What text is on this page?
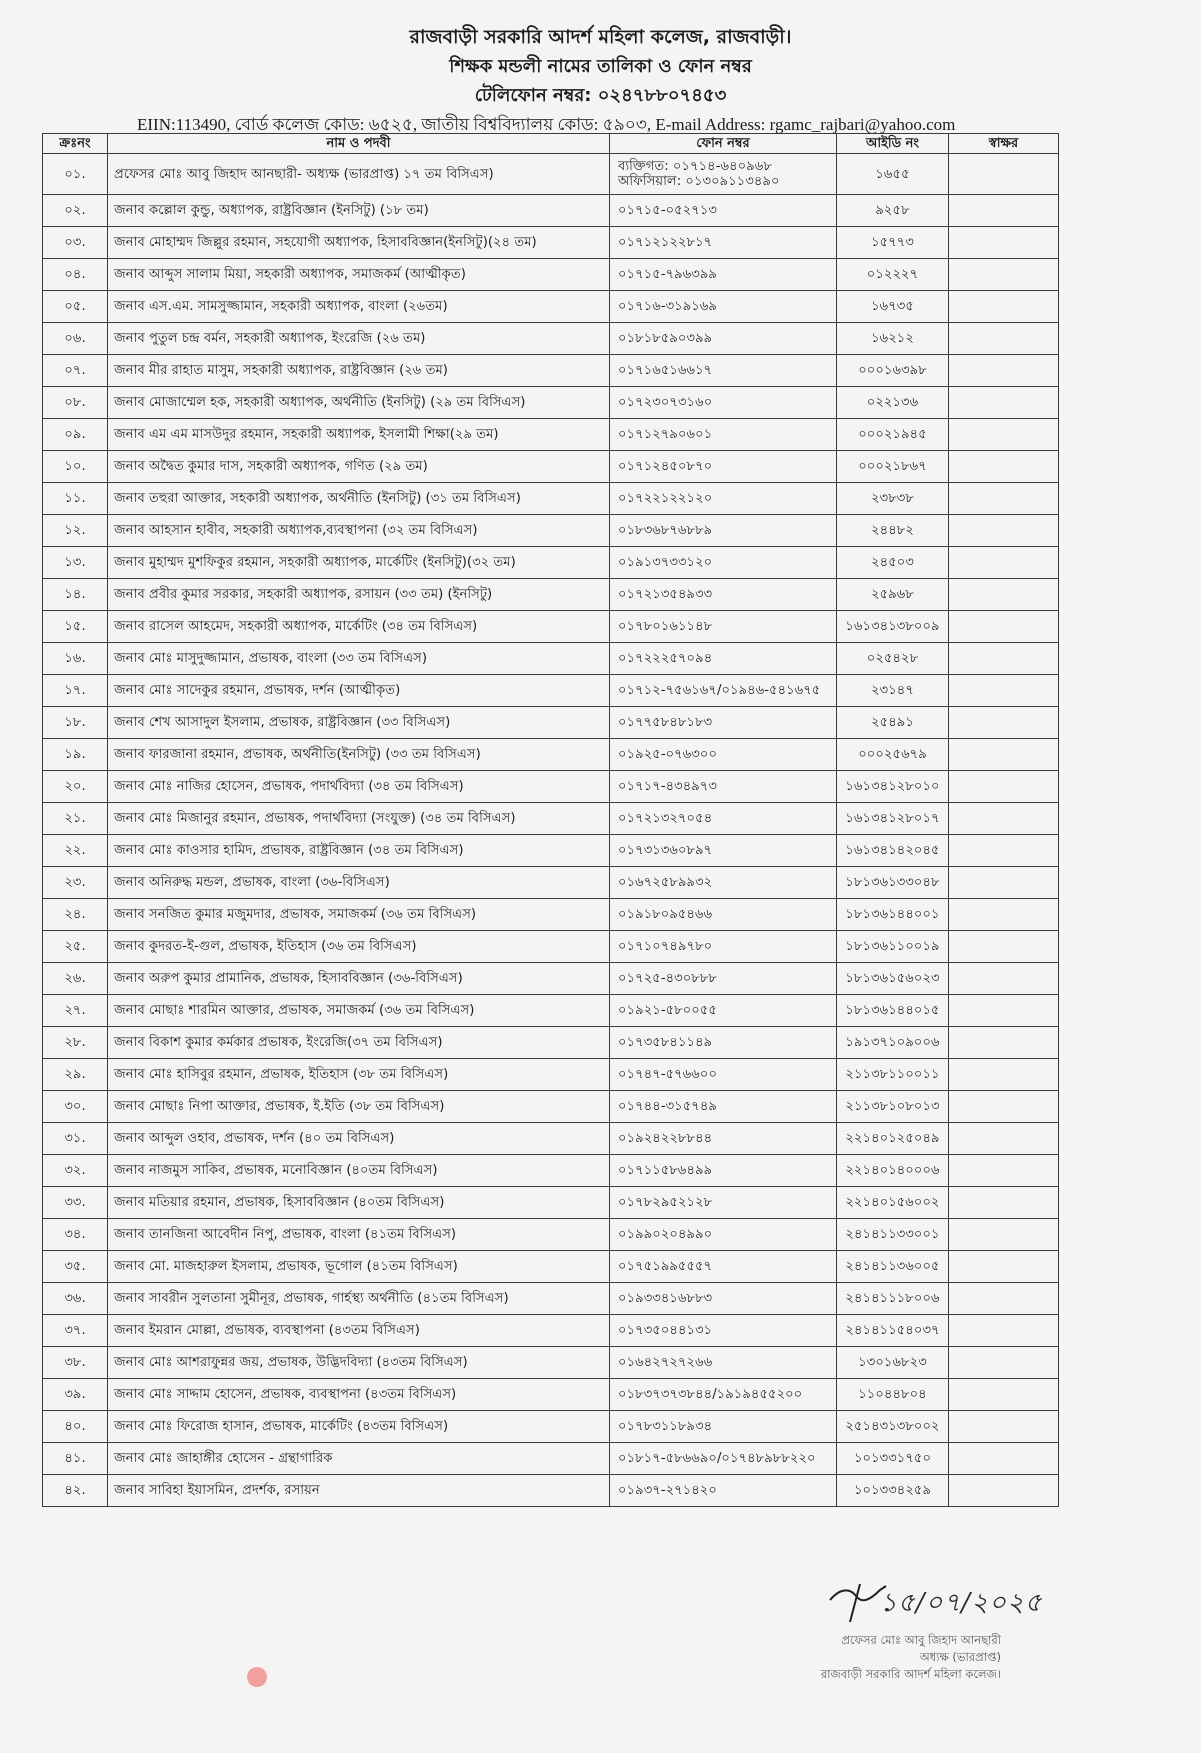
রাজবাড়ী সরকারি আদর্শ মহিলা কলেজ, রাজবাড়ী।

শিক্ষক মন্ডলী নামের তালিকা ও ফোন নম্বর

টেলিফোন নম্বর: ০২৪৭৮৮০৭৪৫৩

EIIN:113490, বোর্ড কলেজ কোড: ৬৫২৫, জাতীয় বিশ্ববিদ্যালয় কোড: ৫৯০৩, E-mail Address: rgamc_rajbari@yahoo.com
ক্রঃনং	নাম ও পদবী	ফোন নম্বর	আইডি নং	স্বাক্ষর
০১.	প্রফেসর মোঃ আবু জিহাদ আনছারী- অধ্যক্ষ (ভারপ্রাপ্ত) ১৭ তম বিসিএস)	ব্যক্তিগত: ০১৭১৪-৬৪০৯৬৮
অফিসিয়াল: ০১৩০৯১১৩৪৯০	১৬৫৫	
০২.	জনাব কল্লোল কুন্ডু, অধ্যাপক, রাষ্ট্রবিজ্ঞান (ইনসিটু) (১৮ তম)	০১৭১৫-০৫২৭১৩	৯২৫৮	
০৩.	জনাব মোহাম্মদ জিল্লুর রহমান, সহযোগী অধ্যাপক, হিসাববিজ্ঞান(ইনসিটু)(২৪ তম)	০১৭১২১২২৮১৭	১৫৭৭৩	
০৪.	জনাব আব্দুস সালাম মিয়া, সহকারী অধ্যাপক, সমাজকর্ম (আত্মীকৃত)	০১৭১৫-৭৯৬৩৯৯	০১২২২৭	
০৫.	জনাব এস.এম. সামসুজ্জামান, সহকারী অধ্যাপক, বাংলা (২৬তম)	০১৭১৬-৩১৯১৬৯	১৬৭৩৫	
০৬.	জনাব পুতুল চন্দ্র বর্মন, সহকারী অধ্যাপক, ইংরেজি (২৬ তম)	০১৮১৮৫৯০৩৯৯	১৬২১২	
০৭.	জনাব মীর রাহাত মাসুম, সহকারী অধ্যাপক, রাষ্ট্রবিজ্ঞান (২৬ তম)	০১৭১৬৫১৬৬১৭	০০০১৬৩৯৮	
০৮.	জনাব মোজাম্মেল হক, সহকারী অধ্যাপক, অর্থনীতি (ইনসিটু) (২৯ তম বিসিএস)	০১৭২৩০৭৩১৬০	০২২১৩৬	
০৯.	জনাব এম এম মাসউদুর রহমান, সহকারী অধ্যাপক, ইসলামী শিক্ষা(২৯ তম)	০১৭১২৭৯০৬০১	০০০২১৯৪৫	
১০.	জনাব অদ্বৈত কুমার দাস, সহকারী অধ্যাপক, গণিত (২৯ তম)	০১৭১২৪৫০৮৭০	০০০২১৮৬৭	
১১.	জনাব তহুরা আক্তার, সহকারী অধ্যাপক, অর্থনীতি (ইনসিটু) (৩১ তম বিসিএস)	০১৭২২১২২১২০	২৩৮৩৮	
১২.	জনাব আহসান হাবীব, সহকারী অধ্যাপক,ব্যবস্থাপনা (৩২ তম বিসিএস)	০১৮৩৬৮৭৬৮৮৯	২৪৪৮২	
১৩.	জনাব মুহাম্মদ মুশফিকুর রহমান, সহকারী অধ্যাপক, মার্কেটিং (ইনসিটু)(৩২ তম)	০১৯১৩৭৩৩১২০	২৪৫০৩	
১৪.	জনাব প্রবীর কুমার সরকার, সহকারী অধ্যাপক, রসায়ন (৩৩ তম) (ইনসিটু)	০১৭২১৩৫৪৯৩৩	২৫৯৬৮	
১৫.	জনাব রাসেল আহমেদ, সহকারী অধ্যাপক, মার্কেটিং (৩৪ তম বিসিএস)	০১৭৮০১৬১১৪৮	১৬১৩৪১৩৮০০৯	
১৬.	জনাব মোঃ মাসুদুজ্জামান, প্রভাষক, বাংলা (৩৩ তম বিসিএস)	০১৭২২২৫৭০৯৪	০২৫৪২৮	
১৭.	জনাব মোঃ সাদেকুর রহমান, প্রভাষক, দর্শন (আত্মীকৃত)	০১৭১২-৭৫৬১৬৭/০১৯৪৬-৫৪১৬৭৫	২৩১৪৭	
১৮.	জনাব শেখ আসাদুল ইসলাম, প্রভাষক, রাষ্ট্রবিজ্ঞান (৩৩ বিসিএস)	০১৭৭৫৮৪৮১৮৩	২৫৪৯১	
১৯.	জনাব ফারজানা রহমান, প্রভাষক, অর্থনীতি(ইনসিটু) (৩৩ তম বিসিএস)	০১৯২৫-০৭৬৩০০	০০০২৫৬৭৯	
২০.	জনাব মোঃ নাজির হোসেন, প্রভাষক, পদার্থবিদ্যা (৩৪ তম বিসিএস)	০১৭১৭-৪৩৪৯৭৩	১৬১৩৪১২৮০১০	
২১.	জনাব মোঃ মিজানুর রহমান, প্রভাষক, পদার্থবিদ্যা (সংযুক্ত) (৩৪ তম বিসিএস)	০১৭২১৩২৭০৫৪	১৬১৩৪১২৮০১৭	
২২.	জনাব মোঃ কাওসার হামিদ, প্রভাষক, রাষ্ট্রবিজ্ঞান (৩৪ তম বিসিএস)	০১৭৩১৩৬০৮৯৭	১৬১৩৪১৪২০৪৫	
২৩.	জনাব অনিরুদ্ধ মন্ডল, প্রভাষক, বাংলা (৩৬-বিসিএস)	০১৬৭২৫৮৯৯৩২	১৮১৩৬১৩৩০৪৮	
২৪.	জনাব সনজিত কুমার মজুমদার, প্রভাষক, সমাজকর্ম (৩৬ তম বিসিএস)	০১৯১৮০৯৫৪৬৬	১৮১৩৬১৪৪০০১	
২৫.	জনাব কুদরত-ই-গুল, প্রভাষক, ইতিহাস (৩৬ তম বিসিএস)	০১৭১০৭৪৯৭৮০	১৮১৩৬১১০০১৯	
২৬.	জনাব অরুপ কুমার প্রামানিক, প্রভাষক, হিসাববিজ্ঞান (৩৬-বিসিএস)	০১৭২৫-৪৩০৮৮৮	১৮১৩৬১৫৬০২৩	
২৭.	জনাব মোছাঃ শারমিন আক্তার, প্রভাষক, সমাজকর্ম (৩৬ তম বিসিএস)	০১৯২১-৫৮০০৫৫	১৮১৩৬১৪৪০১৫	
২৮.	জনাব বিকাশ কুমার কর্মকার প্রভাষক, ইংরেজি(৩৭ তম বিসিএস)	০১৭৩৫৮৪১১৪৯	১৯১৩৭১০৯০০৬	
২৯.	জনাব মোঃ হাসিবুর রহমান, প্রভাষক, ইতিহাস (৩৮ তম বিসিএস)	০১৭৪৭-৫৭৬৬০০	২১১৩৮১১০০১১	
৩০.	জনাব মোছাঃ নিপা আক্তার, প্রভাষক, ই.ইতি (৩৮ তম বিসিএস)	০১৭৪৪-৩১৫৭৪৯	২১১৩৮১০৮০১৩	
৩১.	জনাব আব্দুল ওহাব, প্রভাষক, দর্শন (৪০ তম বিসিএস)	০১৯২৪২২৮৮৪৪	২২১৪০১২৫০৪৯	
৩২.	জনাব নাজমুস সাকিব, প্রভাষক, মনোবিজ্ঞান (৪০তম বিসিএস)	০১৭১১৫৮৬৪৯৯	২২১৪০১৪০০০৬	
৩৩.	জনাব মতিয়ার রহমান, প্রভাষক, হিসাববিজ্ঞান (৪০তম বিসিএস)	০১৭৮২৯৫২১২৮	২২১৪০১৫৬০০২	
৩৪.	জনাব তানজিনা আবেদীন নিপু, প্রভাষক, বাংলা (৪১তম বিসিএস)	০১৯৯০২০৪৯৯০	২৪১৪১১৩৩০০১	
৩৫.	জনাব মো. মাজহারুল ইসলাম, প্রভাষক, ভূগোল (৪১তম বিসিএস)	০১৭৫১৯৯৫৫৫৭	২৪১৪১১৩৬০০৫	
৩৬.	জনাব সাবরীন সুলতানা সুমীনূর, প্রভাষক, গার্হস্থ্য অর্থনীতি (৪১তম বিসিএস)	০১৯৩৩৪১৬৮৮৩	২৪১৪১১১৮০০৬	
৩৭.	জনাব ইমরান মোল্লা, প্রভাষক, ব্যবস্থাপনা (৪৩তম বিসিএস)	০১৭৩৫০৪৪১৩১	২৪১৪১১৫৪০৩৭	
৩৮.	জনাব মোঃ আশরাফুন্নর জয়, প্রভাষক, উদ্ভিদবিদ্যা (৪৩তম বিসিএস)	০১৬৪২৭২৭২৬৬	১৩০১৬৮২৩	
৩৯.	জনাব মোঃ সাদ্দাম হোসেন, প্রভাষক, ব্যবস্থাপনা (৪৩তম বিসিএস)	০১৮৩৭৩৭৩৮৪৪/১৯১৯৪৫৫২০০	১১০৪৪৮০৪	
৪০.	জনাব মোঃ ফিরোজ হাসান, প্রভাষক, মার্কেটিং (৪৩তম বিসিএস)	০১৭৮৩১১৮৯৩৪	২৫১৪৩১৩৮০০২	
৪১.	জনাব মোঃ জাহাঙ্গীর হোসেন - গ্রন্থাগারিক	০১৮১৭-৫৮৬৬৯০/০১৭৪৮৯৮৮২২০	১০১৩৩১৭৫০	
৪২.	জনাব সাবিহা ইয়াসমিন, প্রদর্শক, রসায়ন	০১৯৩৭-২৭১৪২০	১০১৩৩৪২৫৯	
১৫/০৭/২০২৫
প্রফেসর মোঃ আবু জিহাদ আনছারী
অধ্যক্ষ (ভারপ্রাপ্ত)
রাজবাড়ী সরকারি আদর্শ মহিলা কলেজ।
